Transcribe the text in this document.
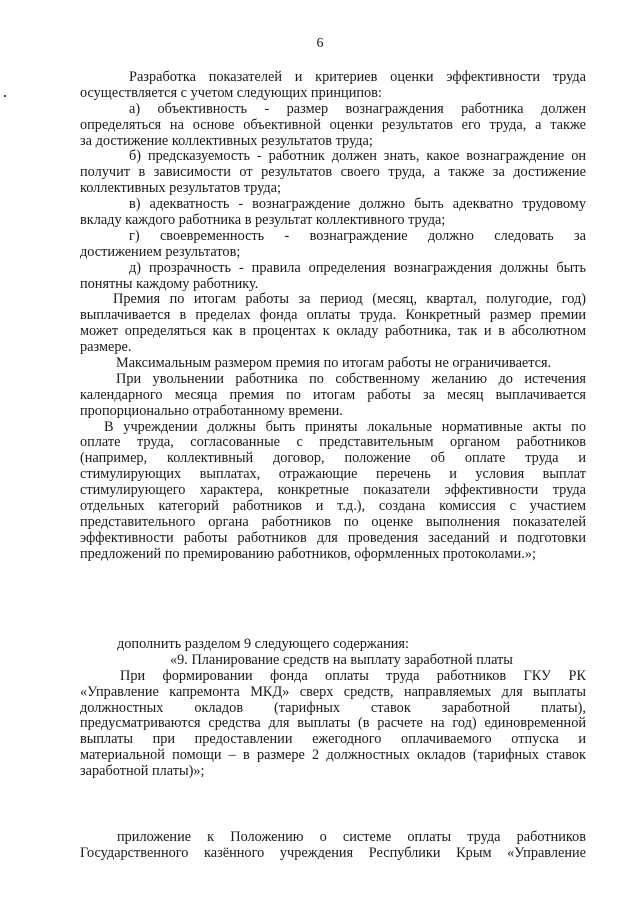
6
Разработка показателей и критериев оценки эффективности труда
осуществляется с учетом следующих принципов:
а) объективность - размер вознаграждения работника должен
определяться на основе объективной оценки результатов его труда, а также
за достижение коллективных результатов труда;
б) предсказуемость - работник должен знать, какое вознаграждение он
получит в зависимости от результатов своего труда, а также за достижение
коллективных результатов труда;
в) адекватность - вознаграждение должно быть адекватно трудовому
вкладу каждого работника в результат коллективного труда;
г) своевременность - вознаграждение должно следовать за
достижением результатов;
д) прозрачность - правила определения вознаграждения должны быть
понятны каждому работнику.
Премия по итогам работы за период (месяц, квартал, полугодие, год)
выплачивается в пределах фонда оплаты труда. Конкретный размер премии
может определяться как в процентах к окладу работника, так и в абсолютном
размере.
Максимальным размером премия по итогам работы не ограничивается.
При увольнении работника по собственному желанию до истечения
календарного месяца премия по итогам работы за месяц выплачивается
пропорционально отработанному времени.
В учреждении должны быть приняты локальные нормативные акты по
оплате труда, согласованные с представительным органом работников
(например, коллективный договор, положение об оплате труда и
стимулирующих выплатах, отражающие перечень и условия выплат
стимулирующего характера, конкретные показатели эффективности труда
отдельных категорий работников и т.д.), создана комиссия с участием
представительного органа работников по оценке выполнения показателей
эффективности работы работников для проведения заседаний и подготовки
предложений по премированию работников, оформленных протоколами.»;
дополнить разделом 9 следующего содержания:
«9. Планирование средств на выплату заработной платы
При формировании фонда оплаты труда работников ГКУ РК
«Управление капремонта МКД» сверх средств, направляемых для выплаты
должностных окладов (тарифных ставок заработной платы),
предусматриваются средства для выплаты (в расчете на год) единовременной
выплаты при предоставлении ежегодного оплачиваемого отпуска и
материальной помощи – в размере 2 должностных окладов (тарифных ставок
заработной платы)»;
приложение к Положению о системе оплаты труда работников
Государственного казённого учреждения Республики Крым «Управление
